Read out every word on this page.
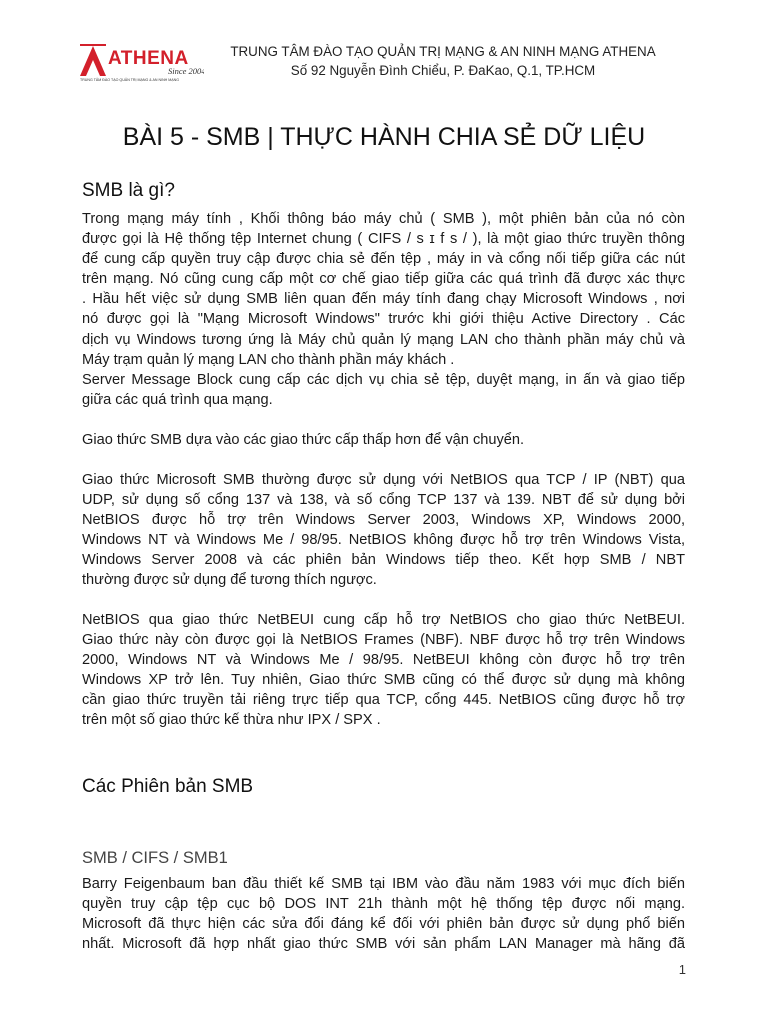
ATHENA
Since 2004
TRUNG TÂM ĐÀO TẠO QUẢN TRỊ MẠNG & AN NINH MẠNG
TRUNG TÂM ĐÀO TẠO QUẢN TRỊ MẠNG & AN NINH MẠNG ATHENA
Số 92 Nguyễn Đình Chiểu, P. ĐaKao, Q.1, TP.HCM
BÀI 5 - SMB | THỰC HÀNH CHIA SẺ DỮ LIỆU
SMB là gì?
Trong mạng máy tính , Khối thông báo máy chủ ( SMB ), một phiên bản của nó còn
được gọi là Hệ thống tệp Internet chung ( CIFS / s ɪ f s / ), là một giao thức truyền thông
để cung cấp quyền truy cập được chia sẻ đến tệp , máy in và cổng nối tiếp giữa các nút
trên mạng. Nó cũng cung cấp một cơ chế giao tiếp giữa các quá trình đã được xác thực
. Hầu hết việc sử dụng SMB liên quan đến máy tính đang chạy Microsoft Windows , nơi
nó được gọi là "Mạng Microsoft Windows" trước khi giới thiệu Active Directory . Các
dịch vụ Windows tương ứng là Máy chủ quản lý mạng LAN cho thành phần máy chủ và
Máy trạm quản lý mạng LAN cho thành phần máy khách .
Server Message Block cung cấp các dịch vụ chia sẻ tệp, duyệt mạng, in ấn và giao tiếp
giữa các quá trình qua mạng.
Giao thức SMB dựa vào các giao thức cấp thấp hơn để vận chuyển.
Giao thức Microsoft SMB thường được sử dụng với NetBIOS qua TCP / IP (NBT) qua
UDP, sử dụng số cổng 137 và 138, và số cổng TCP 137 và 139. NBT để sử dụng bởi
NetBIOS được hỗ trợ trên Windows Server 2003, Windows XP, Windows 2000,
Windows NT và Windows Me / 98/95. NetBIOS không được hỗ trợ trên Windows Vista,
Windows Server 2008 và các phiên bản Windows tiếp theo. Kết hợp SMB / NBT
thường được sử dụng để tương thích ngược.
NetBIOS qua giao thức NetBEUI cung cấp hỗ trợ NetBIOS cho giao thức NetBEUI.
Giao thức này còn được gọi là NetBIOS Frames (NBF). NBF được hỗ trợ trên Windows
2000, Windows NT và Windows Me / 98/95. NetBEUI không còn được hỗ trợ trên
Windows XP trở lên. Tuy nhiên, Giao thức SMB cũng có thể được sử dụng mà không
cần giao thức truyền tải riêng trực tiếp qua TCP, cổng 445. NetBIOS cũng được hỗ trợ
trên một số giao thức kế thừa như IPX / SPX .
Các Phiên bản SMB
SMB / CIFS / SMB1
Barry Feigenbaum ban đầu thiết kế SMB tại IBM vào đầu năm 1983 với mục đích biến
quyền truy cập tệp cục bộ DOS INT 21h thành một hệ thống tệp được nối mạng.
Microsoft đã thực hiện các sửa đổi đáng kể đối với phiên bản được sử dụng phổ biến
nhất. Microsoft đã hợp nhất giao thức SMB với sản phẩm LAN Manager mà hãng đã
1
